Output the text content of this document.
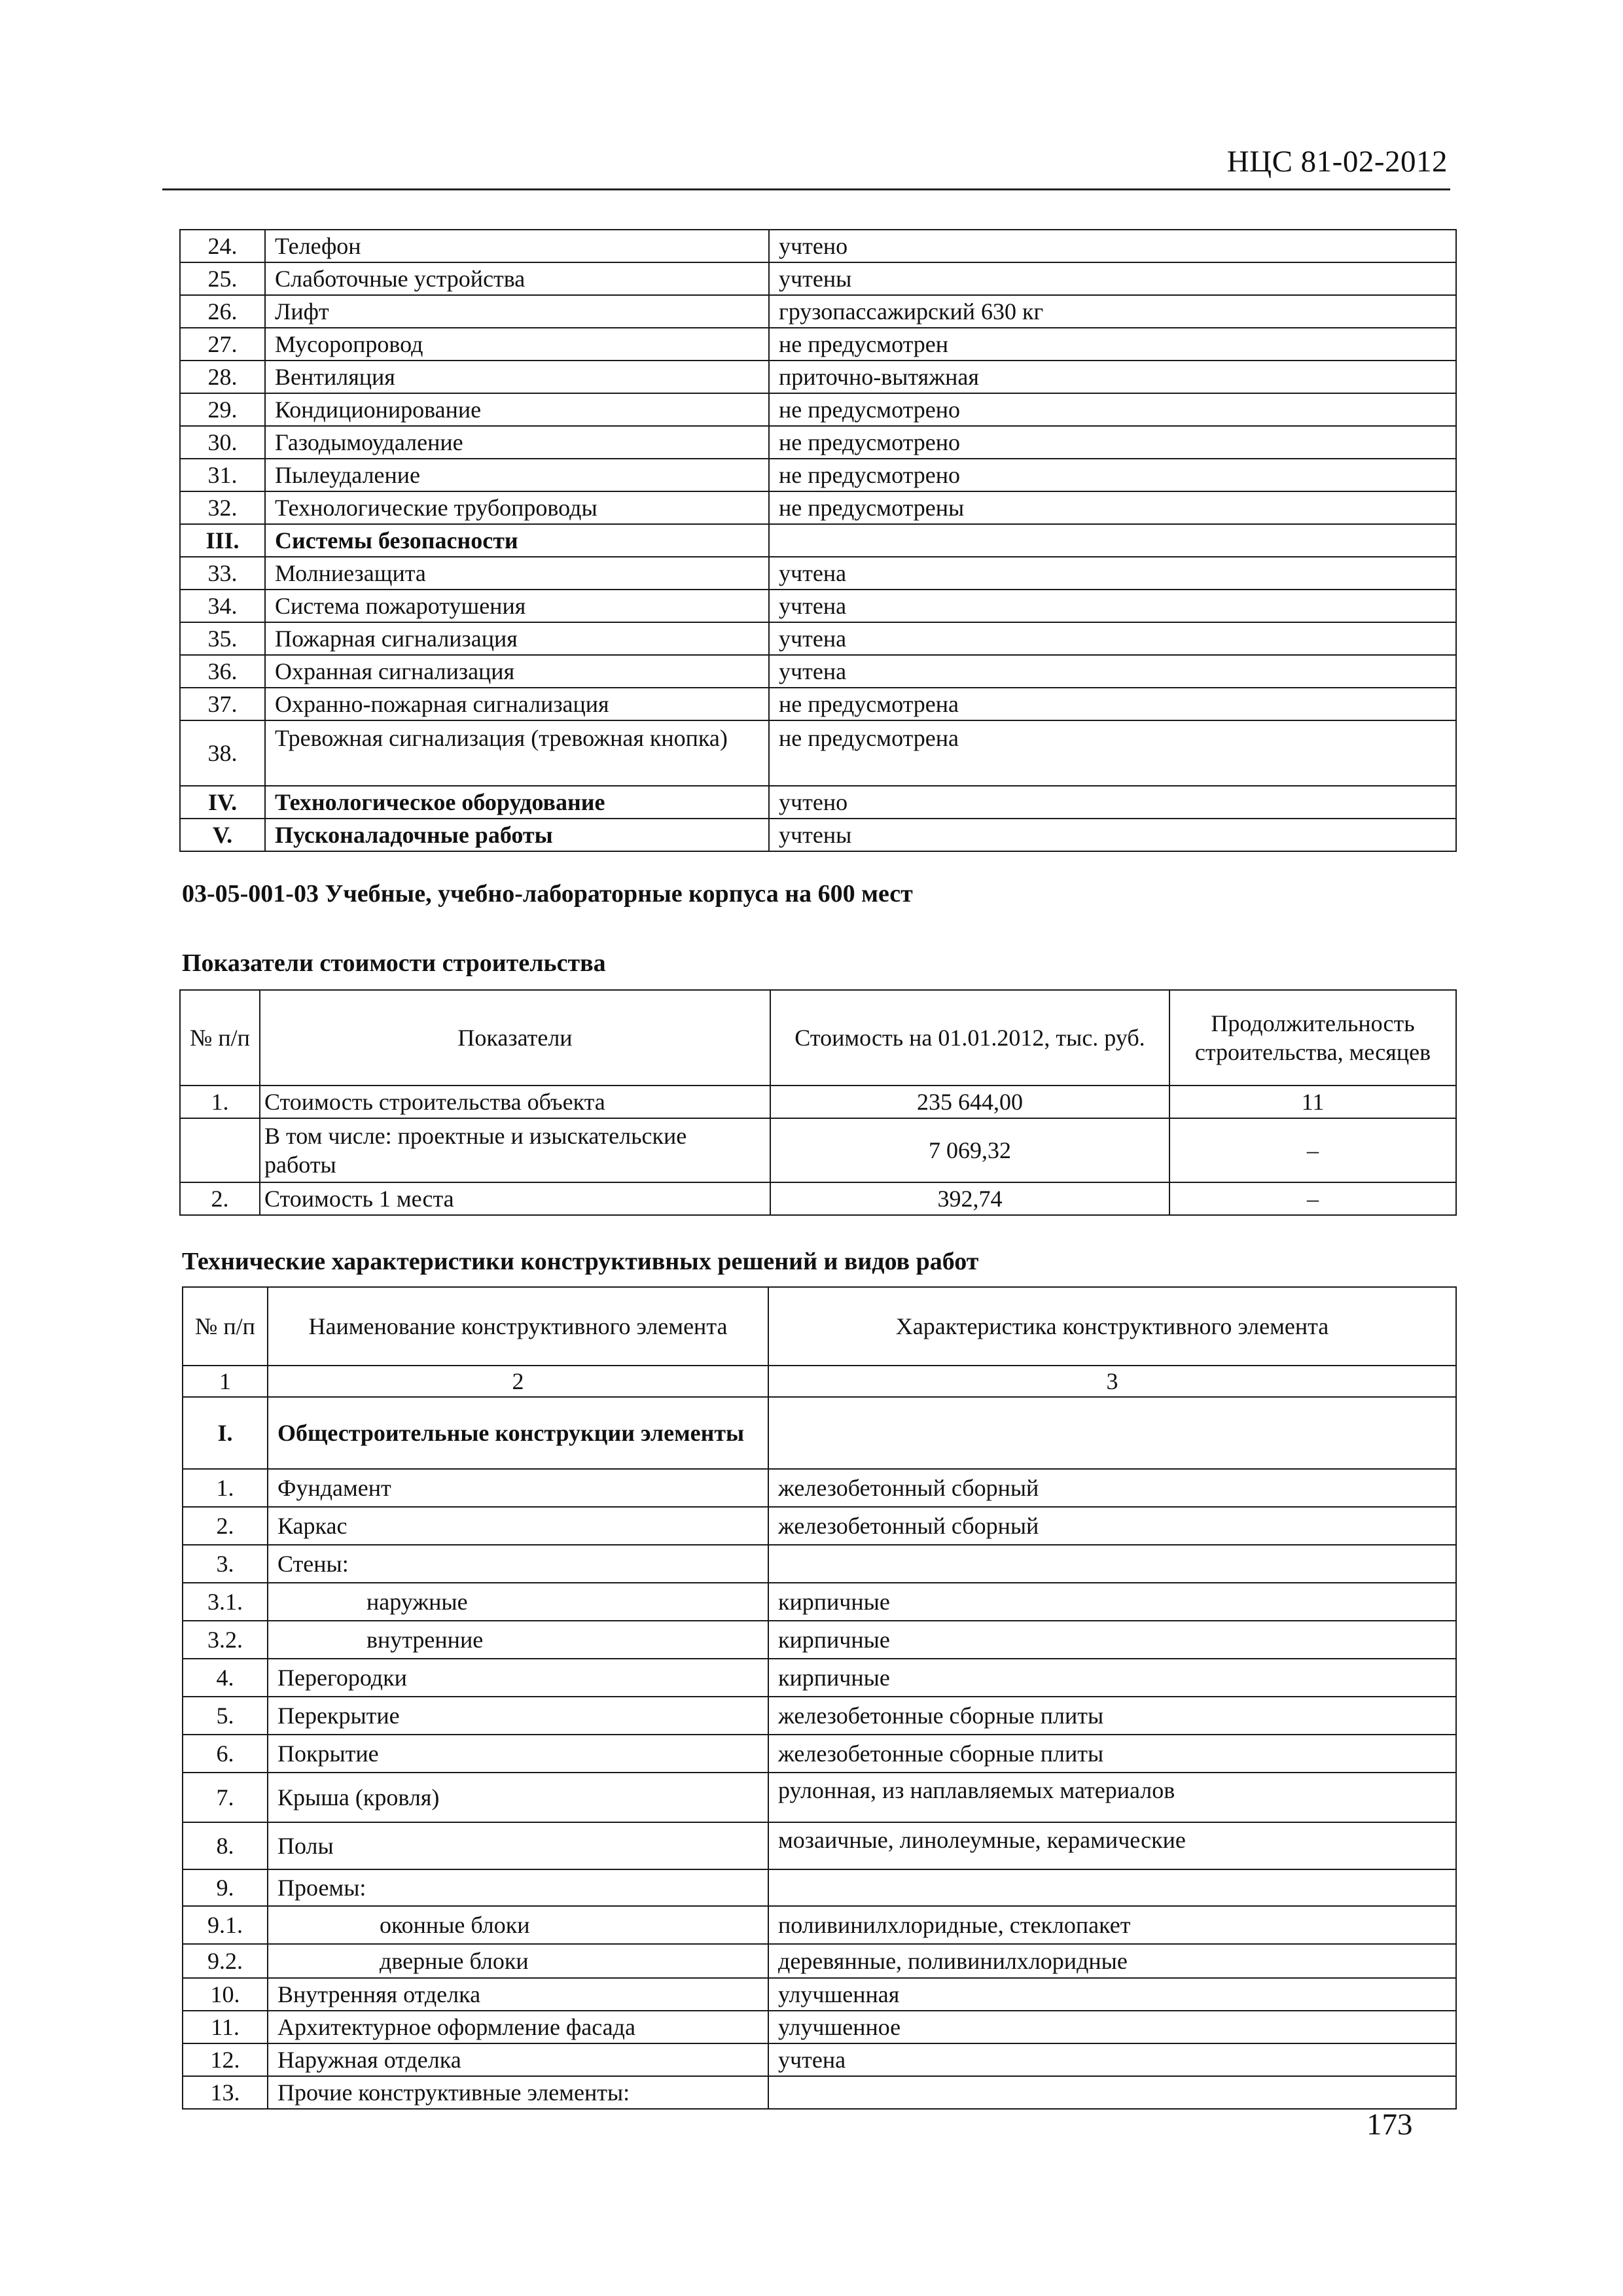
НЦС 81-02-2012
24.	Телефон	учтено
25.	Слаботочные устройства	учтены
26.	Лифт	грузопассажирский 630 кг
27.	Мусоропровод	не предусмотрен
28.	Вентиляция	приточно-вытяжная
29.	Кондиционирование	не предусмотрено
30.	Газодымоудаление	не предусмотрено
31.	Пылеудаление	не предусмотрено
32.	Технологические трубопроводы	не предусмотрены
III.	Системы безопасности	
33.	Молниезащита	учтена
34.	Система пожаротушения	учтена
35.	Пожарная сигнализация	учтена
36.	Охранная сигнализация	учтена
37.	Охранно-пожарная сигнализация	не предусмотрена
38.	Тревожная сигнализация (тревожная кнопка)	не предусмотрена
IV.	Технологическое оборудование	учтено
V.	Пусконаладочные работы	учтены
03-05-001-03 Учебные, учебно-лабораторные корпуса на 600 мест
Показатели стоимости строительства
№ п/п	Показатели	Стоимость на 01.01.2012, тыс. руб.	Продолжительность строительства, месяцев
1.	Стоимость строительства объекта	235 644,00	11
	В том числе: проектные и изыскательские работы	7 069,32	–
2.	Стоимость 1 места	392,74	–
Технические характеристики конструктивных решений и видов работ
№ п/п	Наименование конструктивного элемента	Характеристика конструктивного элемента
1	2	3
I.	Общестроительные конструкции элементы	
1.	Фундамент	железобетонный сборный
2.	Каркас	железобетонный сборный
3.	Стены:	
3.1.	наружные	кирпичные
3.2.	внутренние	кирпичные
4.	Перегородки	кирпичные
5.	Перекрытие	железобетонные сборные плиты
6.	Покрытие	железобетонные сборные плиты
7.	Крыша (кровля)	рулонная, из наплавляемых материалов
8.	Полы	мозаичные, линолеумные, керамические
9.	Проемы:	
9.1.	оконные блоки	поливинилхлоридные, стеклопакет
9.2.	дверные блоки	деревянные, поливинилхлоридные
10.	Внутренняя отделка	улучшенная
11.	Архитектурное оформление фасада	улучшенное
12.	Наружная отделка	учтена
13.	Прочие конструктивные элементы:	
173
